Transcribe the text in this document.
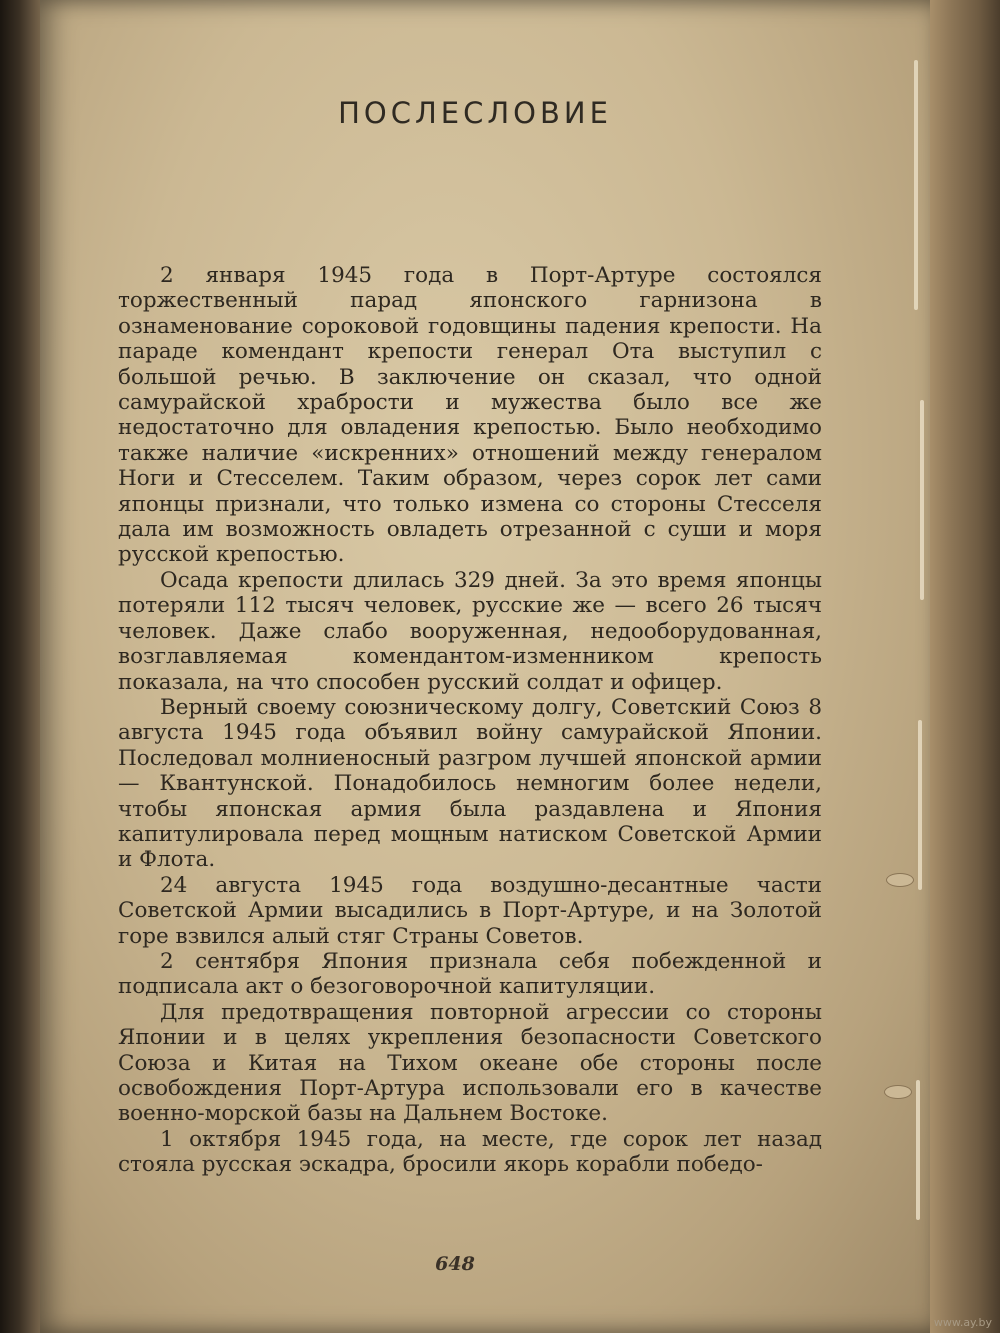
ПОСЛЕСЛОВИЕ

2 января 1945 года в Порт-Артуре состоялся торжественный парад японского гарнизона в ознаменование сороковой годовщины падения крепости. На параде комендант крепости генерал Ота выступил с большой речью. В заключение он сказал, что одной самурайской храбрости и мужества было все же недостаточно для овладения крепостью. Было необходимо также наличие «искренних» отношений между генералом Ноги и Стесселем. Таким образом, через сорок лет сами японцы признали, что только измена со стороны Стесселя дала им возможность овладеть отрезанной с суши и моря русской крепостью.

Осада крепости длилась 329 дней. За это время японцы потеряли 112 тысяч человек, русские же — всего 26 тысяч человек. Даже слабо вооруженная, недооборудованная, возглавляемая комендантом-изменником крепость показала, на что способен русский солдат и офицер.

Верный своему союзническому долгу, Советский Союз 8 августа 1945 года объявил войну самурайской Японии. Последовал молниеносный разгром лучшей японской армии — Квантунской. Понадобилось немногим более недели, чтобы японская армия была раздавлена и Япония капитулировала перед мощным натиском Советской Армии и Флота.

24 августа 1945 года воздушно-десантные части Советской Армии высадились в Порт-Артуре, и на Золотой горе взвился алый стяг Страны Советов.

2 сентября Япония признала себя побежденной и подписала акт о безоговорочной капитуляции.

Для предотвращения повторной агрессии со стороны Японии и в целях укрепления безопасности Советского Союза и Китая на Тихом океане обе стороны после освобождения Порт-Артура использовали его в качестве военно-морской базы на Дальнем Востоке.

1 октября 1945 года, на месте, где сорок лет назад стояла русская эскадра, бросили якорь корабли победо-

648
www.ay.by
